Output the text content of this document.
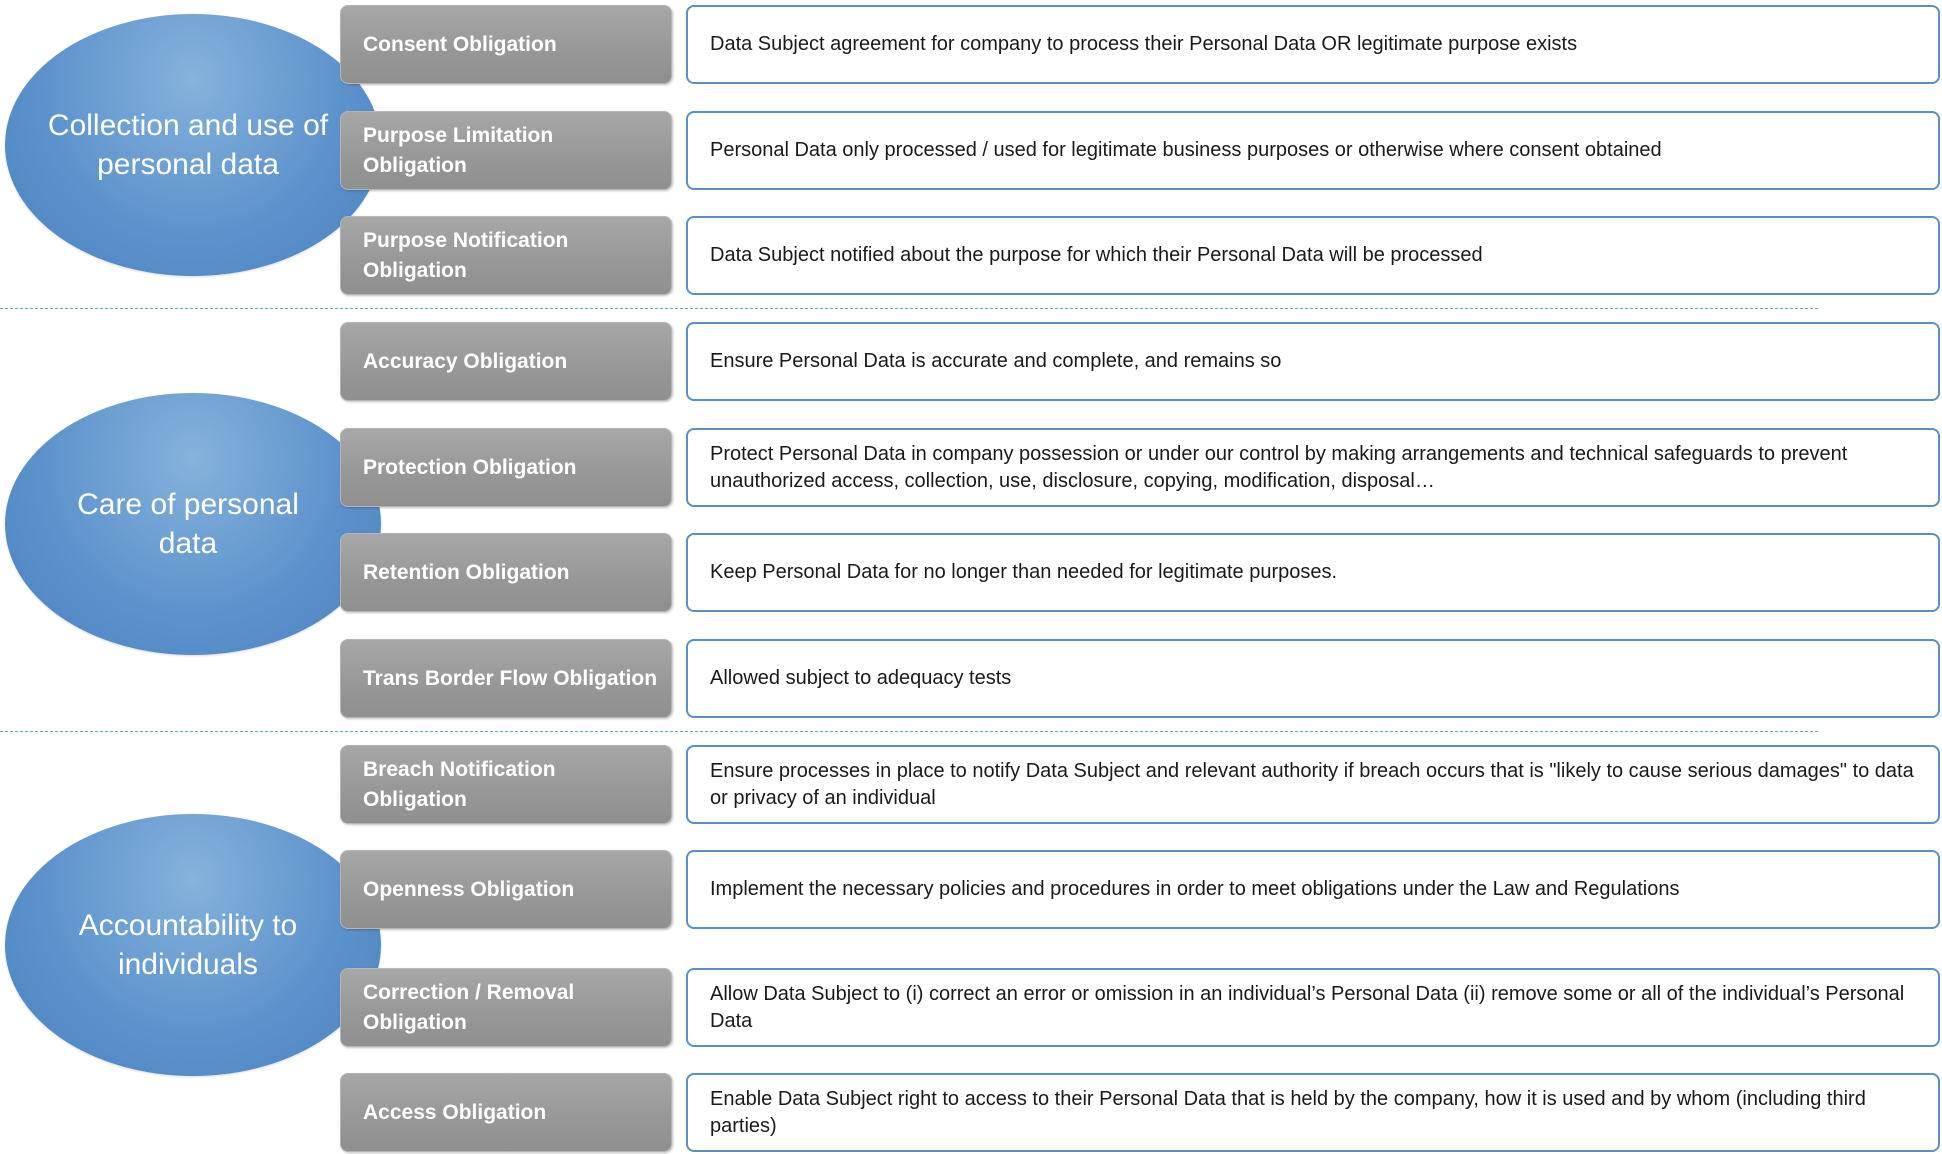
Data Subject agreement for company to process their Personal Data OR legitimate purpose exists
Personal Data only processed / used for legitimate business purposes or otherwise where consent obtained
Data Subject notified about the purpose for which their Personal Data will be processed
Ensure Personal Data is accurate and complete, and remains so
Protect Personal Data in company possession or under our control by making arrangements and technical safeguards to prevent unauthorized access, collection, use, disclosure, copying, modification, disposal…
Keep Personal Data for no longer than needed for legitimate purposes.
Allowed subject to adequacy tests
Ensure processes in place to notify Data Subject and relevant authority if breach occurs that is "likely to cause serious damages" to data or privacy of an individual
Implement the necessary policies and procedures in order to meet obligations under the Law and Regulations
Allow Data Subject to (i) correct an error or omission in an individual’s Personal Data (ii) remove some or all of the individual’s Personal Data
Enable Data Subject right to access to their Personal Data that is held by the company, how it is used and by whom (including third parties)
Collection and use of personal data
Care of personal data
Accountability to individuals
Consent Obligation
Purpose Limitation Obligation
Purpose Notification Obligation
Accuracy Obligation
Protection Obligation
Retention Obligation
Trans Border Flow Obligation
Breach Notification Obligation
Openness Obligation
Correction / Removal Obligation
Access Obligation
